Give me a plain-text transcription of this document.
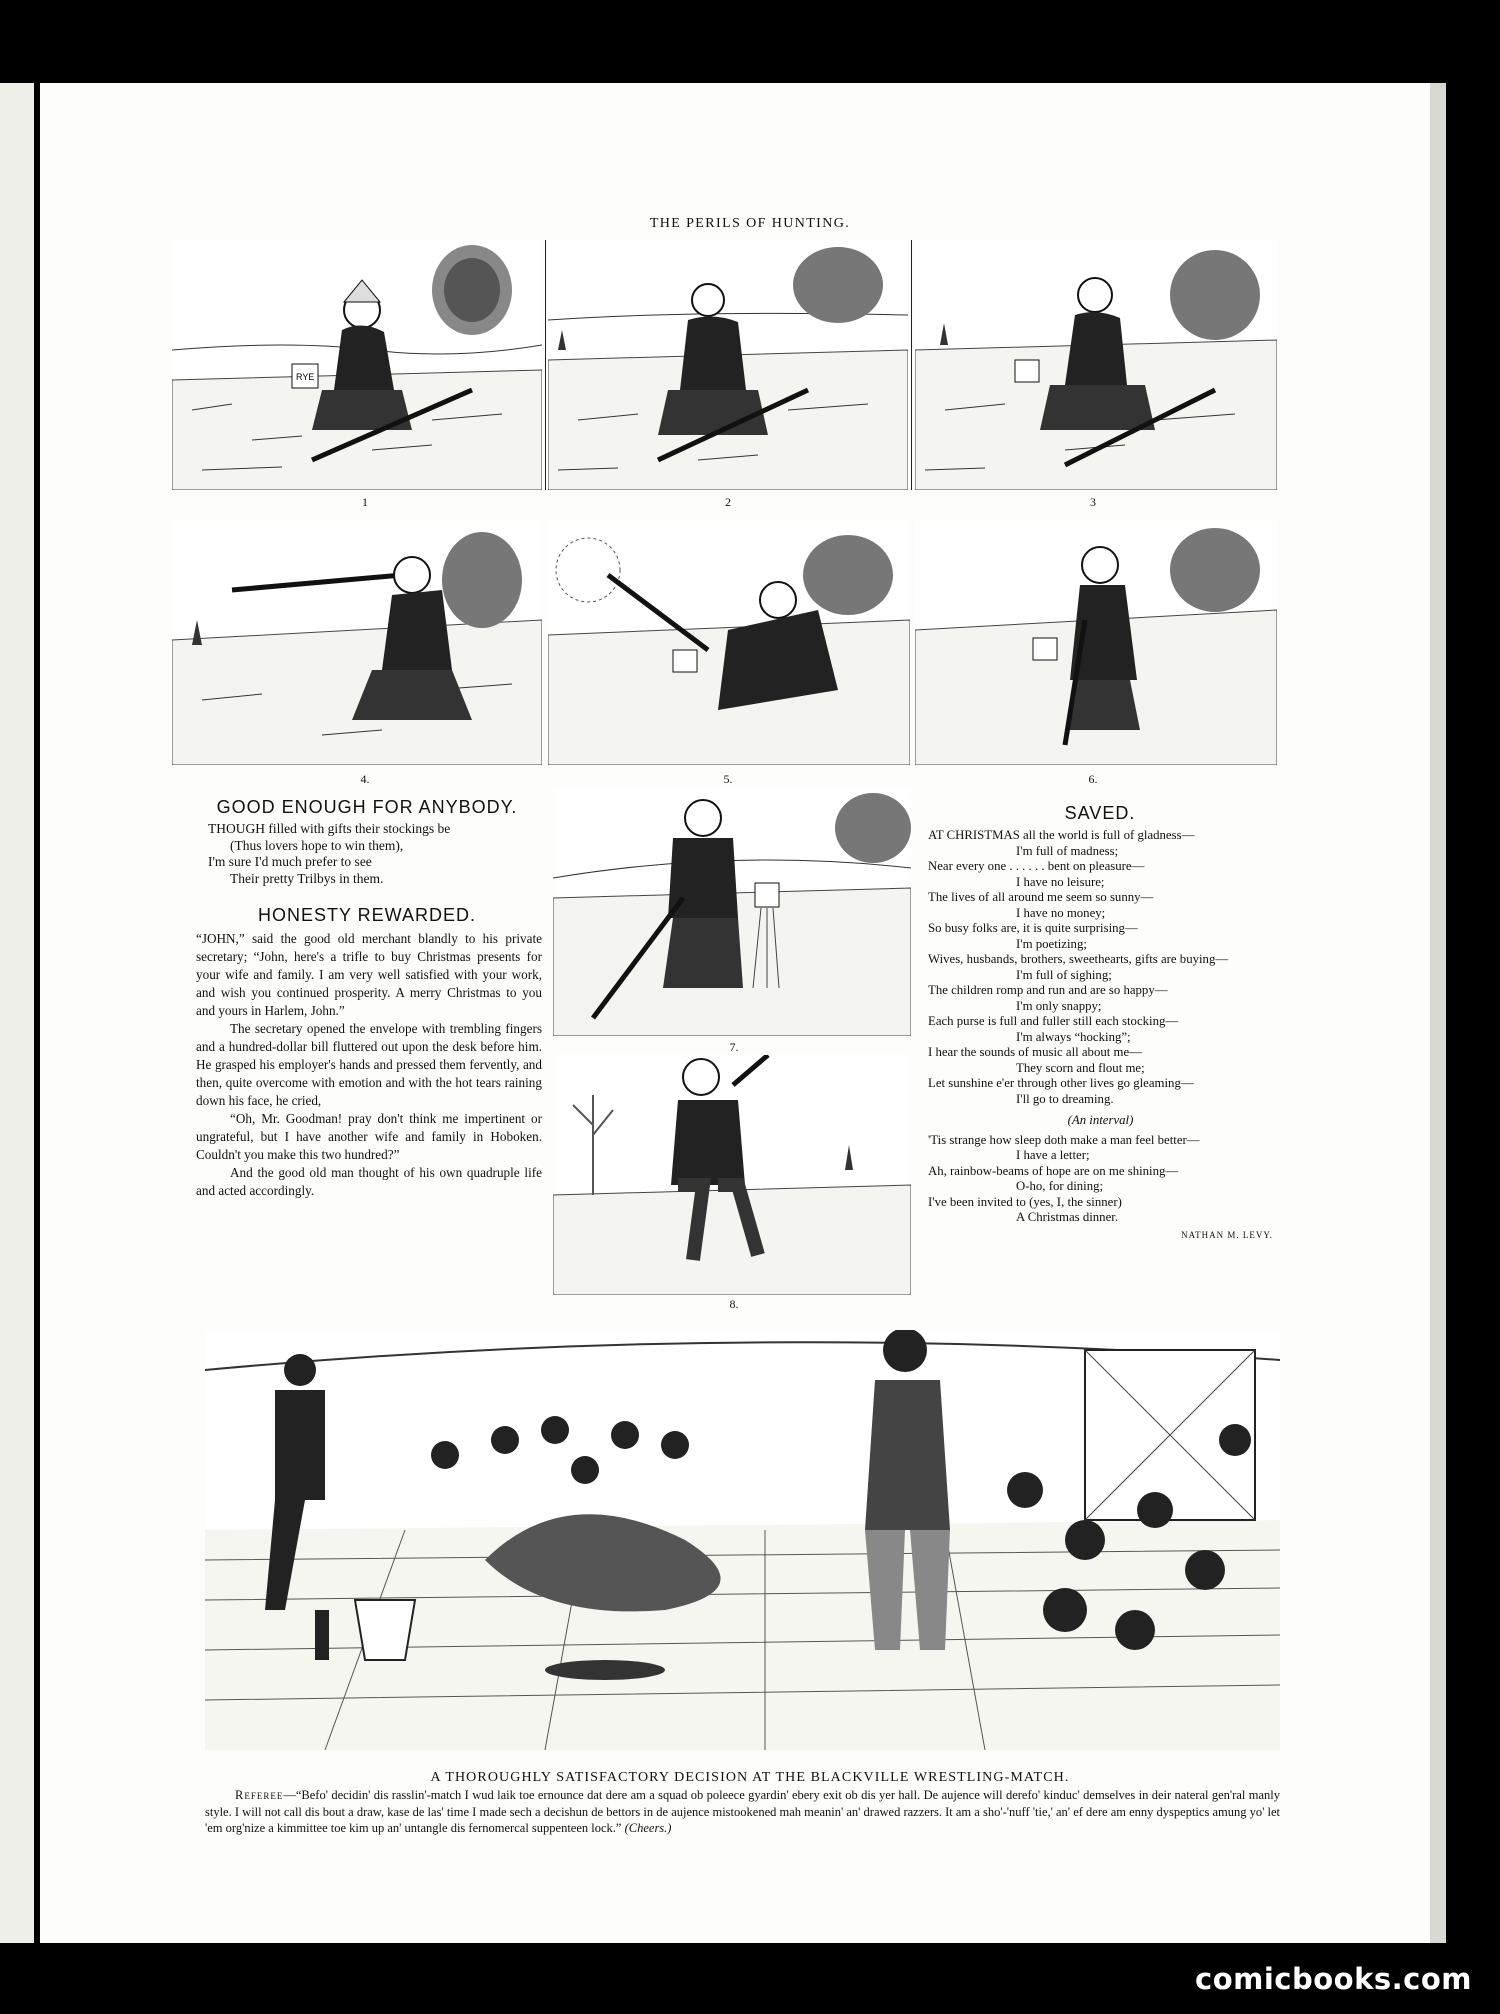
THE PERILS OF HUNTING.
RYE
1	2	3
4.	5.	6.
GOOD ENOUGH FOR ANYBODY.
THOUGH filled with gifts their stockings be
(Thus lovers hope to win them),
I'm sure I'd much prefer to see
Their pretty Trilbys in them.
HONESTY REWARDED.

“JOHN,” said the good old merchant blandly to his private secretary; “John, here's a trifle to buy Christmas presents for your wife and family. I am very well satisfied with your work, and wish you continued prosperity. A merry Christmas to you and yours in Harlem, John.”

The secretary opened the envelope with trembling fingers and a hundred-dollar bill fluttered out upon the desk before him. He grasped his employer's hands and pressed them fervently, and then, quite overcome with emotion and with the hot tears raining down his face, he cried,

“Oh, Mr. Goodman! pray don't think me impertinent or ungrateful, but I have another wife and family in Hoboken. Couldn't you make this two hundred?”

And the good old man thought of his own quadruple life and acted accordingly.

7.
8.
SAVED.
AT CHRISTMAS all the world is full of gladness—
I'm full of madness;
Near every one . . . . . . bent on pleasure—
I have no leisure;
The lives of all around me seem so sunny—
I have no money;
So busy folks are, it is quite surprising—
I'm poetizing;
Wives, husbands, brothers, sweethearts, gifts are buying—
I'm full of sighing;
The children romp and run and are so happy—
I'm only snappy;
Each purse is full and fuller still each stocking—
I'm always “hocking”;
I hear the sounds of music all about me—
They scorn and flout me;
Let sunshine e'er through other lives go gleaming—
I'll go to dreaming.
(An interval)
'Tis strange how sleep doth make a man feel better—
I have a letter;
Ah, rainbow-beams of hope are on me shining—
O-ho, for dining;
I've been invited to (yes, I, the sinner)
A Christmas dinner.
NATHAN M. LEVY.
A THOROUGHLY SATISFACTORY DECISION AT THE BLACKVILLE WRESTLING-MATCH.
Referee—“Befo' decidin' dis rasslin'-match I wud laik toe ernounce dat dere am a squad ob poleece gyardin' ebery exit ob dis yer hall. De aujence will derefo' kinduc' demselves in deir nateral gen'ral manly style. I will not call dis bout a draw, kase de las' time I made sech a decishun de bettors in de aujence mistookened mah meanin' an' drawed razzers. It am a sho'-'nuff 'tie,' an' ef dere am enny dyspeptics amung yo' let 'em org'nize a kimmittee toe kim up an' untangle dis fernomercal suppenteen lock.” (Cheers.)
comicbooks.com
